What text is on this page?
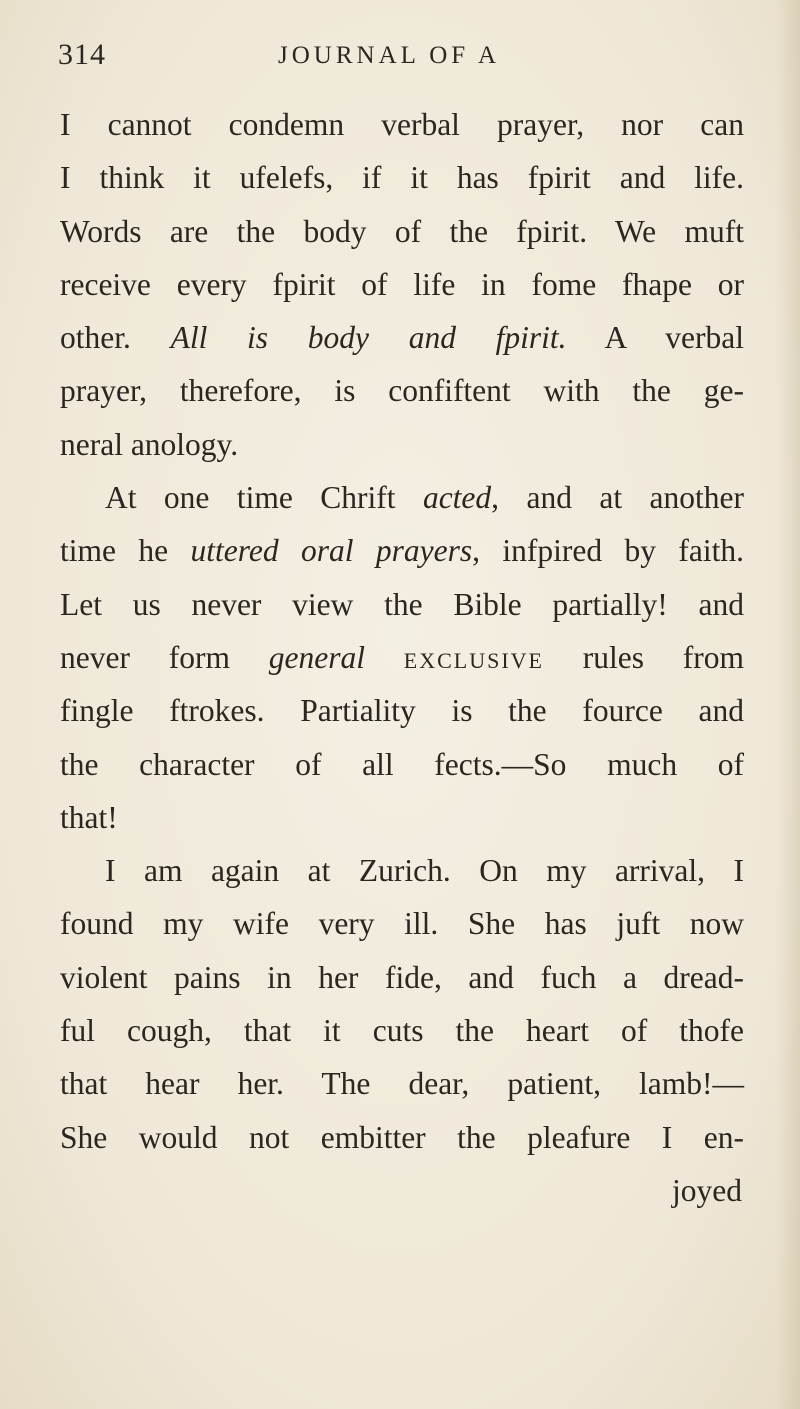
314	JOURNAL OF A
I cannot condemn verbal prayer, nor can
I think it ufelefs, if it has fpirit and life.
Words are the body of the fpirit. We muft
receive every fpirit of life in fome fhape or
other. All is body and fpirit. A verbal
prayer, therefore, is confiftent with the ge-
neral anology.
At one time Chrift acted, and at another
time he uttered oral prayers, infpired by faith.
Let us never view the Bible partially! and
never form general EXCLUSIVE rules from
fingle ftrokes. Partiality is the fource and
the character of all fects.—So much of
that!
I am again at Zurich. On my arrival, I
found my wife very ill. She has juft now
violent pains in her fide, and fuch a dread-
ful cough, that it cuts the heart of thofe
that hear her. The dear, patient, lamb!—
She would not embitter the pleafure I en-
joyed
